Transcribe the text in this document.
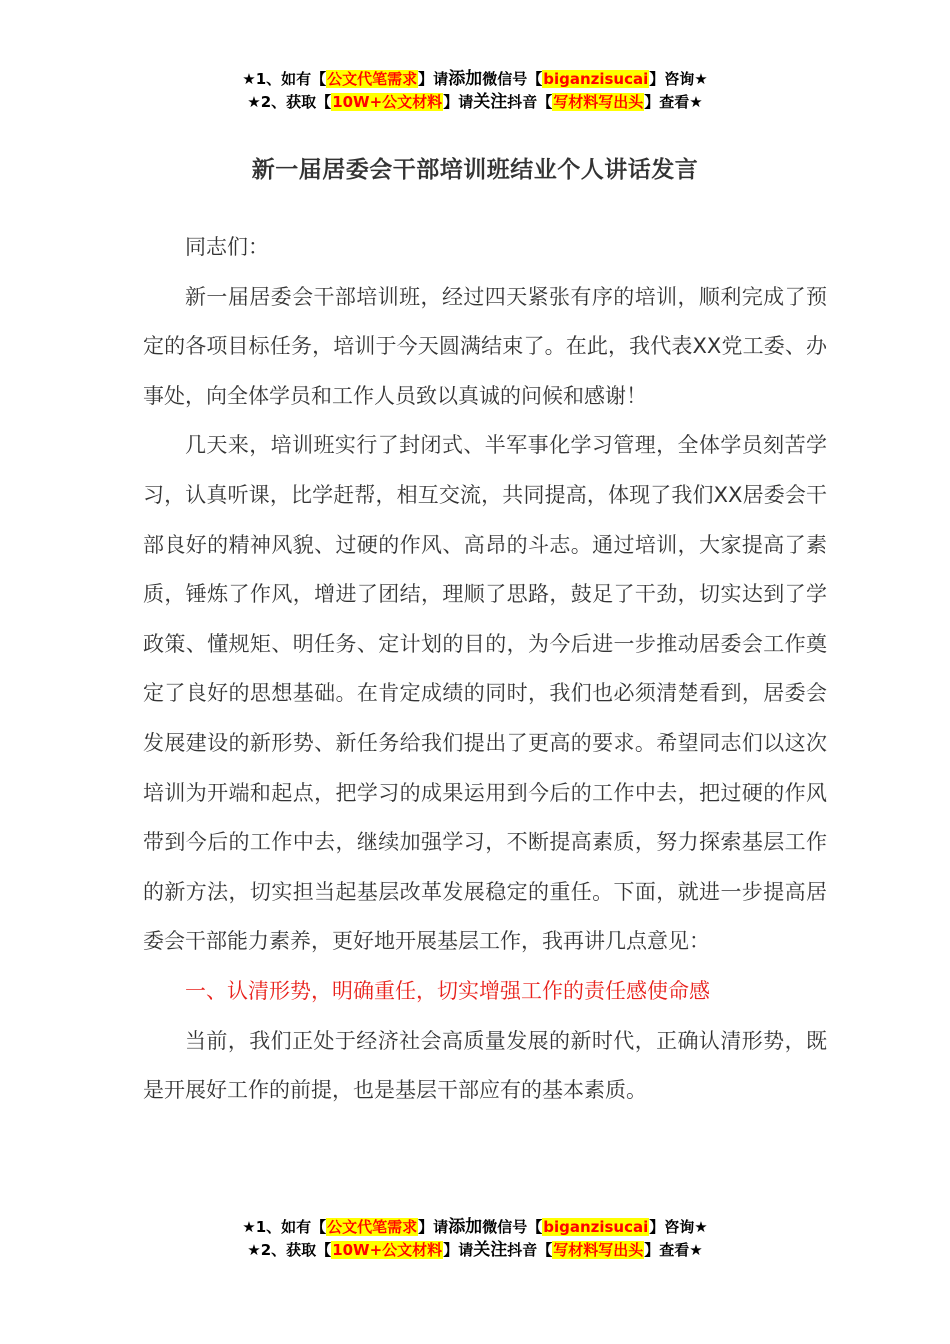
★1、如有【公文代笔需求】请添加微信号【biganzisucai】咨询★
★2、获取【10W+公文材料】请关注抖音【写材料写出头】查看★
新一届居委会干部培训班结业个人讲话发言

同志们：

新一届居委会干部培训班，经过四天紧张有序的培训，顺利完成了预定的各项目标任务，培训于今天圆满结束了。在此，我代表XX党工委、办事处，向全体学员和工作人员致以真诚的问候和感谢！

几天来，培训班实行了封闭式、半军事化学习管理，全体学员刻苦学习，认真听课，比学赶帮，相互交流，共同提高，体现了我们XX居委会干部良好的精神风貌、过硬的作风、高昂的斗志。通过培训，大家提高了素质，锤炼了作风，增进了团结，理顺了思路，鼓足了干劲，切实达到了学政策、懂规矩、明任务、定计划的目的，为今后进一步推动居委会工作奠定了良好的思想基础。在肯定成绩的同时，我们也必须清楚看到，居委会发展建设的新形势、新任务给我们提出了更高的要求。希望同志们以这次培训为开端和起点，把学习的成果运用到今后的工作中去，把过硬的作风带到今后的工作中去，继续加强学习，不断提高素质，努力探索基层工作的新方法，切实担当起基层改革发展稳定的重任。下面，就进一步提高居委会干部能力素养，更好地开展基层工作，我再讲几点意见：

一、认清形势，明确重任，切实增强工作的责任感使命感

当前，我们正处于经济社会高质量发展的新时代，正确认清形势，既是开展好工作的前提，也是基层干部应有的基本素质。

★1、如有【公文代笔需求】请添加微信号【biganzisucai】咨询★
★2、获取【10W+公文材料】请关注抖音【写材料写出头】查看★
